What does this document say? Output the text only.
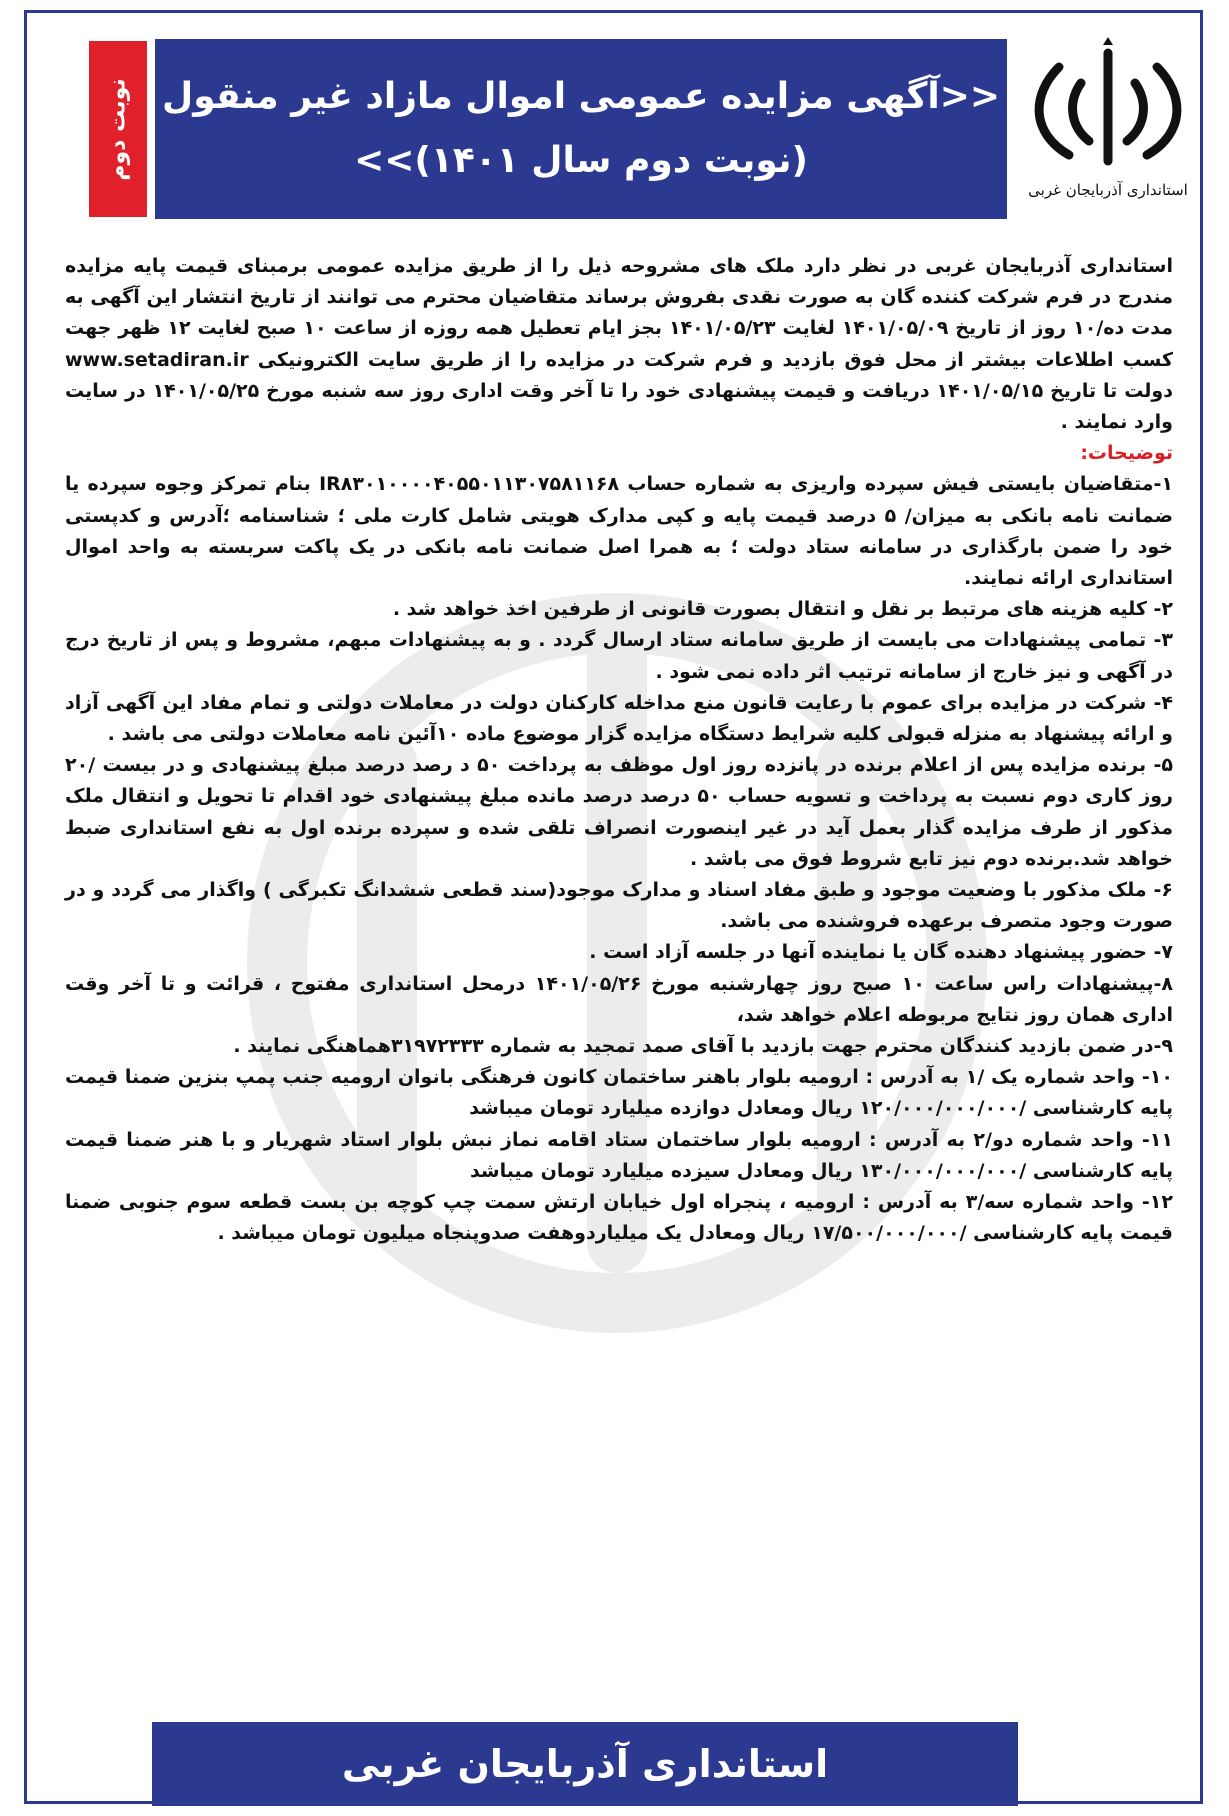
نوبت دوم <<آگهی مزایده عمومی اموال مازاد غیر منقول
(نوبت دوم سال ۱۴۰۱)>>
استانداری آذربایجان غربی

استانداری آذربایجان غربی در نظر دارد ملک های مشروحه ذیل را از طریق مزایده عمومی برمبنای قیمت پایه مزایده مندرج در فرم شرکت کننده گان به صورت نقدی بفروش برساند متقاضیان محترم می توانند از تاریخ انتشار این آگهی به مدت ده/۱۰ روز از تاریخ ۱۴۰۱/۰۵/۰۹ لغایت ۱۴۰۱/۰۵/۲۳ بجز ایام تعطیل همه روزه از ساعت ۱۰ صبح لغایت ۱۲ ظهر جهت کسب اطلاعات بیشتر از محل فوق بازدید و فرم شرکت در مزایده را از طریق سایت الکترونیکی www.setadiran.ir دولت تا تاریخ ۱۴۰۱/۰۵/۱۵ دریافت و قیمت پیشنهادی خود را تا آخر وقت اداری روز سه شنبه مورخ ۱۴۰۱/۰۵/۲۵ در سایت وارد نمایند .

توضیحات:

۱-متقاضیان بایستی فیش سپرده واریزی به شماره حساب IR۸۳۰۱۰۰۰۰۴۰۵۵۰۱۱۳۰۷۵۸۱۱۶۸ بنام تمرکز وجوه سپرده یا ضمانت نامه بانکی به میزان/ ۵ درصد قیمت پایه و کپی مدارک هویتی شامل کارت ملی ؛ شناسنامه ؛آدرس و کدپستی خود را ضمن بارگذاری در سامانه ستاد دولت ؛ به همرا اصل ضمانت نامه بانکی در یک پاکت سربسته به واحد اموال استانداری ارائه نمایند.

۲- کلیه هزینه های مرتبط بر نقل و انتقال بصورت قانونی از طرفین اخذ خواهد شد .

۳- تمامی پیشنهادات می بایست از طریق سامانه ستاد ارسال گردد . و به پیشنهادات مبهم، مشروط و پس از تاریخ درج در آگهی و نیز خارج از سامانه ترتیب اثر داده نمی شود .

۴- شرکت در مزایده برای عموم با رعایت قانون منع مداخله کارکنان دولت در معاملات دولتی و تمام مفاد این آگهی آزاد و ارائه پیشنهاد به منزله قبولی کلیه شرایط دستگاه مزایده گزار موضوع ماده ۱۰آئین نامه معاملات دولتی می باشد .

۵- برنده مزایده پس از اعلام برنده در پانزده روز اول موظف به پرداخت ۵۰ د رصد درصد مبلغ پیشنهادی و در بیست /۲۰ روز کاری دوم نسبت به پرداخت و تسویه حساب ۵۰ درصد درصد مانده مبلغ پیشنهادی خود اقدام تا تحویل و انتقال ملک مذکور از طرف مزایده گذار بعمل آید در غیر اینصورت انصراف تلقی شده و سپرده برنده اول به نفع استانداری ضبط خواهد شد.برنده دوم نیز تابع شروط فوق می باشد .

۶- ملک مذکور با وضعیت موجود و طبق مفاد اسناد و مدارک موجود(سند قطعی ششدانگ تکبرگی ) واگذار می گردد و در صورت وجود متصرف برعهده فروشنده می باشد.

۷- حضور پیشنهاد دهنده گان یا نماینده آنها در جلسه آزاد است .

۸-پیشنهادات راس ساعت ۱۰ صبح روز چهارشنبه مورخ ۱۴۰۱/۰۵/۲۶ درمحل استانداری مفتوح ، قرائت و تا آخر وقت اداری همان روز نتایج مربوطه اعلام خواهد شد،

۹-در ضمن بازدید کنندگان محترم جهت بازدید با آقای صمد تمجید به شماره ۳۱۹۷۲۳۳۳هماهنگی نمایند .

۱۰- واحد شماره یک /۱ به آدرس : ارومیه بلوار باهنر ساختمان کانون فرهنگی بانوان ارومیه جنب پمپ بنزین ضمنا قیمت پایه کارشناسی /۱۲۰/۰۰۰/۰۰۰/۰۰۰ ریال ومعادل دوازده میلیارد تومان میباشد

۱۱- واحد شماره دو/۲ به آدرس : ارومیه بلوار ساختمان ستاد اقامه نماز نبش بلوار استاد شهریار و با هنر ضمنا قیمت پایه کارشناسی /۱۳۰/۰۰۰/۰۰۰/۰۰۰ ریال ومعادل سیزده میلیارد تومان میباشد

۱۲- واحد شماره سه/۳ به آدرس : ارومیه ، پنجراه اول خیابان ارتش سمت چپ کوچه بن بست قطعه سوم جنوبی ضمنا قیمت پایه کارشناسی /۱۷/۵۰۰/۰۰۰/۰۰۰ ریال ومعادل یک میلیاردوهفت صدوپنجاه میلیون تومان میباشد .

استانداری آذربایجان غربی
